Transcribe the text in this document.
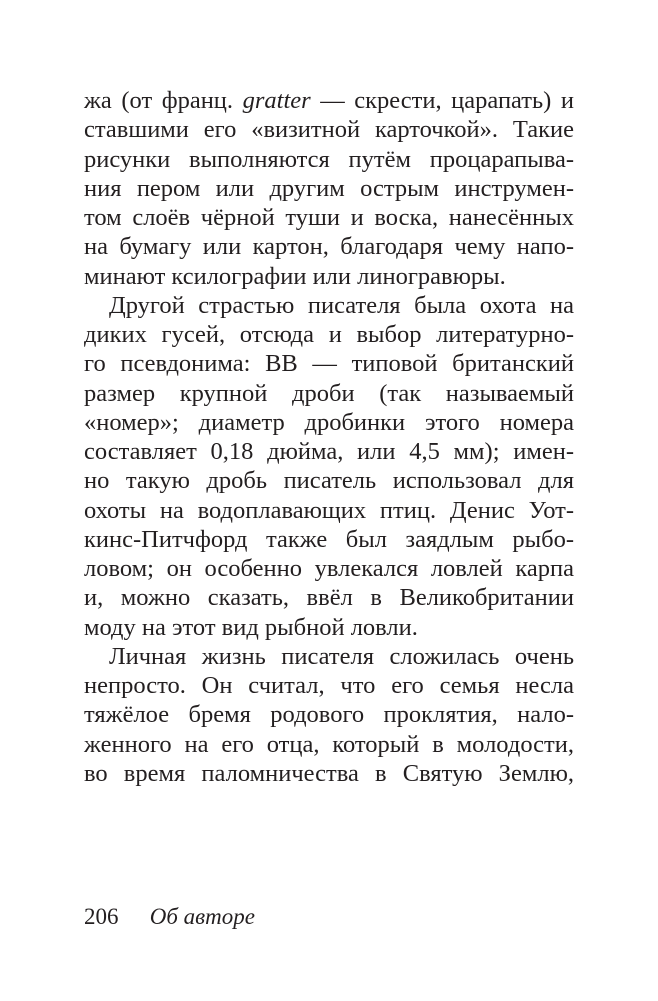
жа (от франц. gratter — скрести, царапать) и
ставшими его «визитной карточкой». Такие
рисунки выполняются путём процарапыва-
ния пером или другим острым инструмен-
том слоёв чёрной туши и воска, нанесённых
на бумагу или картон, благодаря чему напо-
минают ксилографии или линогравюры.
Другой страстью писателя была охота на
диких гусей, отсюда и выбор литературно-
го псевдонима: BB — типовой британский
размер крупной дроби (так называемый
«номер»; диаметр дробинки этого номера
составляет 0,18 дюйма, или 4,5 мм); имен-
но такую дробь писатель использовал для
охоты на водоплавающих птиц. Денис Уот-
кинс-Питчфорд также был заядлым рыбо-
ловом; он особенно увлекался ловлей карпа
и, можно сказать, ввёл в Великобритании
моду на этот вид рыбной ловли.
Личная жизнь писателя сложилась очень
непросто. Он считал, что его семья несла
тяжёлое бремя родового проклятия, нало-
женного на его отца, который в молодости,
во время паломничества в Святую Землю,
206 Об авторе
